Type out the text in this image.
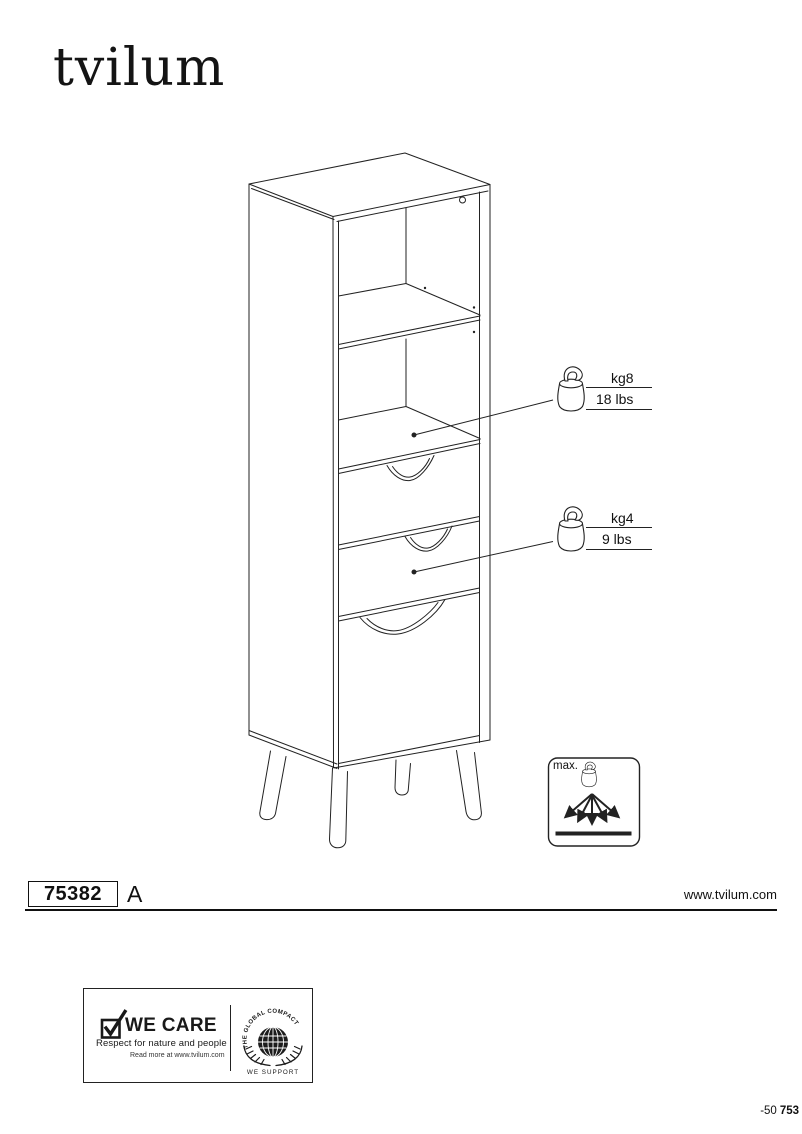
tvilum
kg8
18 lbs
kg4
9 lbs
max.
75382 A	www.tvilum.com
-50 753
WE CARE
Respect for nature and people
Read more at www.tvilum.com
THE GLOBAL COMPACT
WE SUPPORT
